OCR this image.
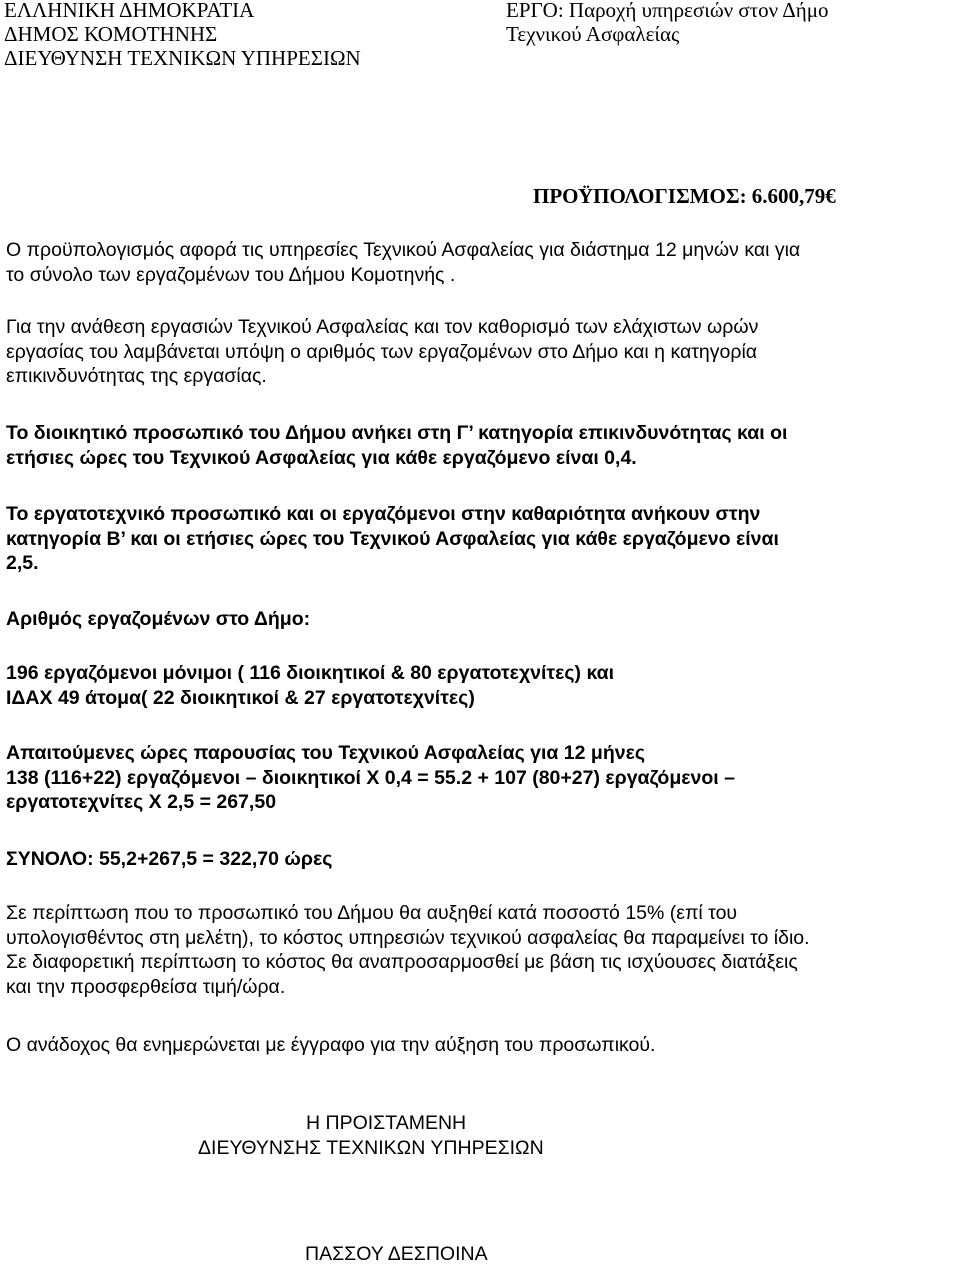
ΕΛΛΗΝΙΚΗ ΔΗΜΟΚΡΑΤΙΑ
ΔΗΜΟΣ ΚΟΜΟΤΗΝΗΣ
ΔΙΕΥΘΥΝΣΗ ΤΕΧΝΙΚΩΝ ΥΠΗΡΕΣΙΩΝ
ΕΡΓΟ: Παροχή υπηρεσιών στον Δήμο
Τεχνικού Ασφαλείας
ΠΡΟΫΠΟΛΟΓΙΣΜΟΣ: 6.600,79€
Ο προϋπολογισμός αφορά τις υπηρεσίες Τεχνικού Ασφαλείας για διάστημα 12 μηνών και για
το σύνολο των εργαζομένων του Δήμου Κομοτηνής .
Για την ανάθεση εργασιών Τεχνικού Ασφαλείας και τον καθορισμό των ελάχιστων ωρών
εργασίας του λαμβάνεται υπόψη ο αριθμός των εργαζομένων στο Δήμο και η κατηγορία
επικινδυνότητας της εργασίας.
Το διοικητικό προσωπικό του Δήμου ανήκει στη Γ’ κατηγορία επικινδυνότητας και οι
ετήσιες ώρες του Τεχνικού Ασφαλείας για κάθε εργαζόμενο είναι 0,4.
Το εργατοτεχνικό προσωπικό και οι εργαζόμενοι στην καθαριότητα ανήκουν στην
κατηγορία Β’ και οι ετήσιες ώρες του Τεχνικού Ασφαλείας για κάθε εργαζόμενο είναι
2,5.
Αριθμός εργαζομένων στο Δήμο:
196 εργαζόμενοι μόνιμοι ( 116 διοικητικοί & 80 εργατοτεχνίτες) και
ΙΔΑΧ 49 άτομα( 22 διοικητικοί & 27 εργατοτεχνίτες)
Απαιτούμενες ώρες παρουσίας του Τεχνικού Ασφαλείας για 12 μήνες
138 (116+22) εργαζόμενοι – διοικητικοί Χ 0,4 = 55.2 + 107 (80+27) εργαζόμενοι –
εργατοτεχνίτες Χ 2,5 = 267,50
ΣΥΝΟΛΟ: 55,2+267,5 = 322,70 ώρες
Σε περίπτωση που το προσωπικό του Δήμου θα αυξηθεί κατά ποσοστό 15% (επί του
υπολογισθέντος στη μελέτη), το κόστος υπηρεσιών τεχνικού ασφαλείας θα παραμείνει το ίδιο.
Σε διαφορετική περίπτωση το κόστος θα αναπροσαρμοσθεί με βάση τις ισχύουσες διατάξεις
και την προσφερθείσα τιμή/ώρα.
Ο ανάδοχος θα ενημερώνεται με έγγραφο για την αύξηση του προσωπικού.
Η ΠΡΟΙΣΤΑΜΕΝΗ
ΔΙΕΥΘΥΝΣΗΣ ΤΕΧΝΙΚΩΝ ΥΠΗΡΕΣΙΩΝ
ΠΑΣΣΟΥ ΔΕΣΠΟΙΝΑ
